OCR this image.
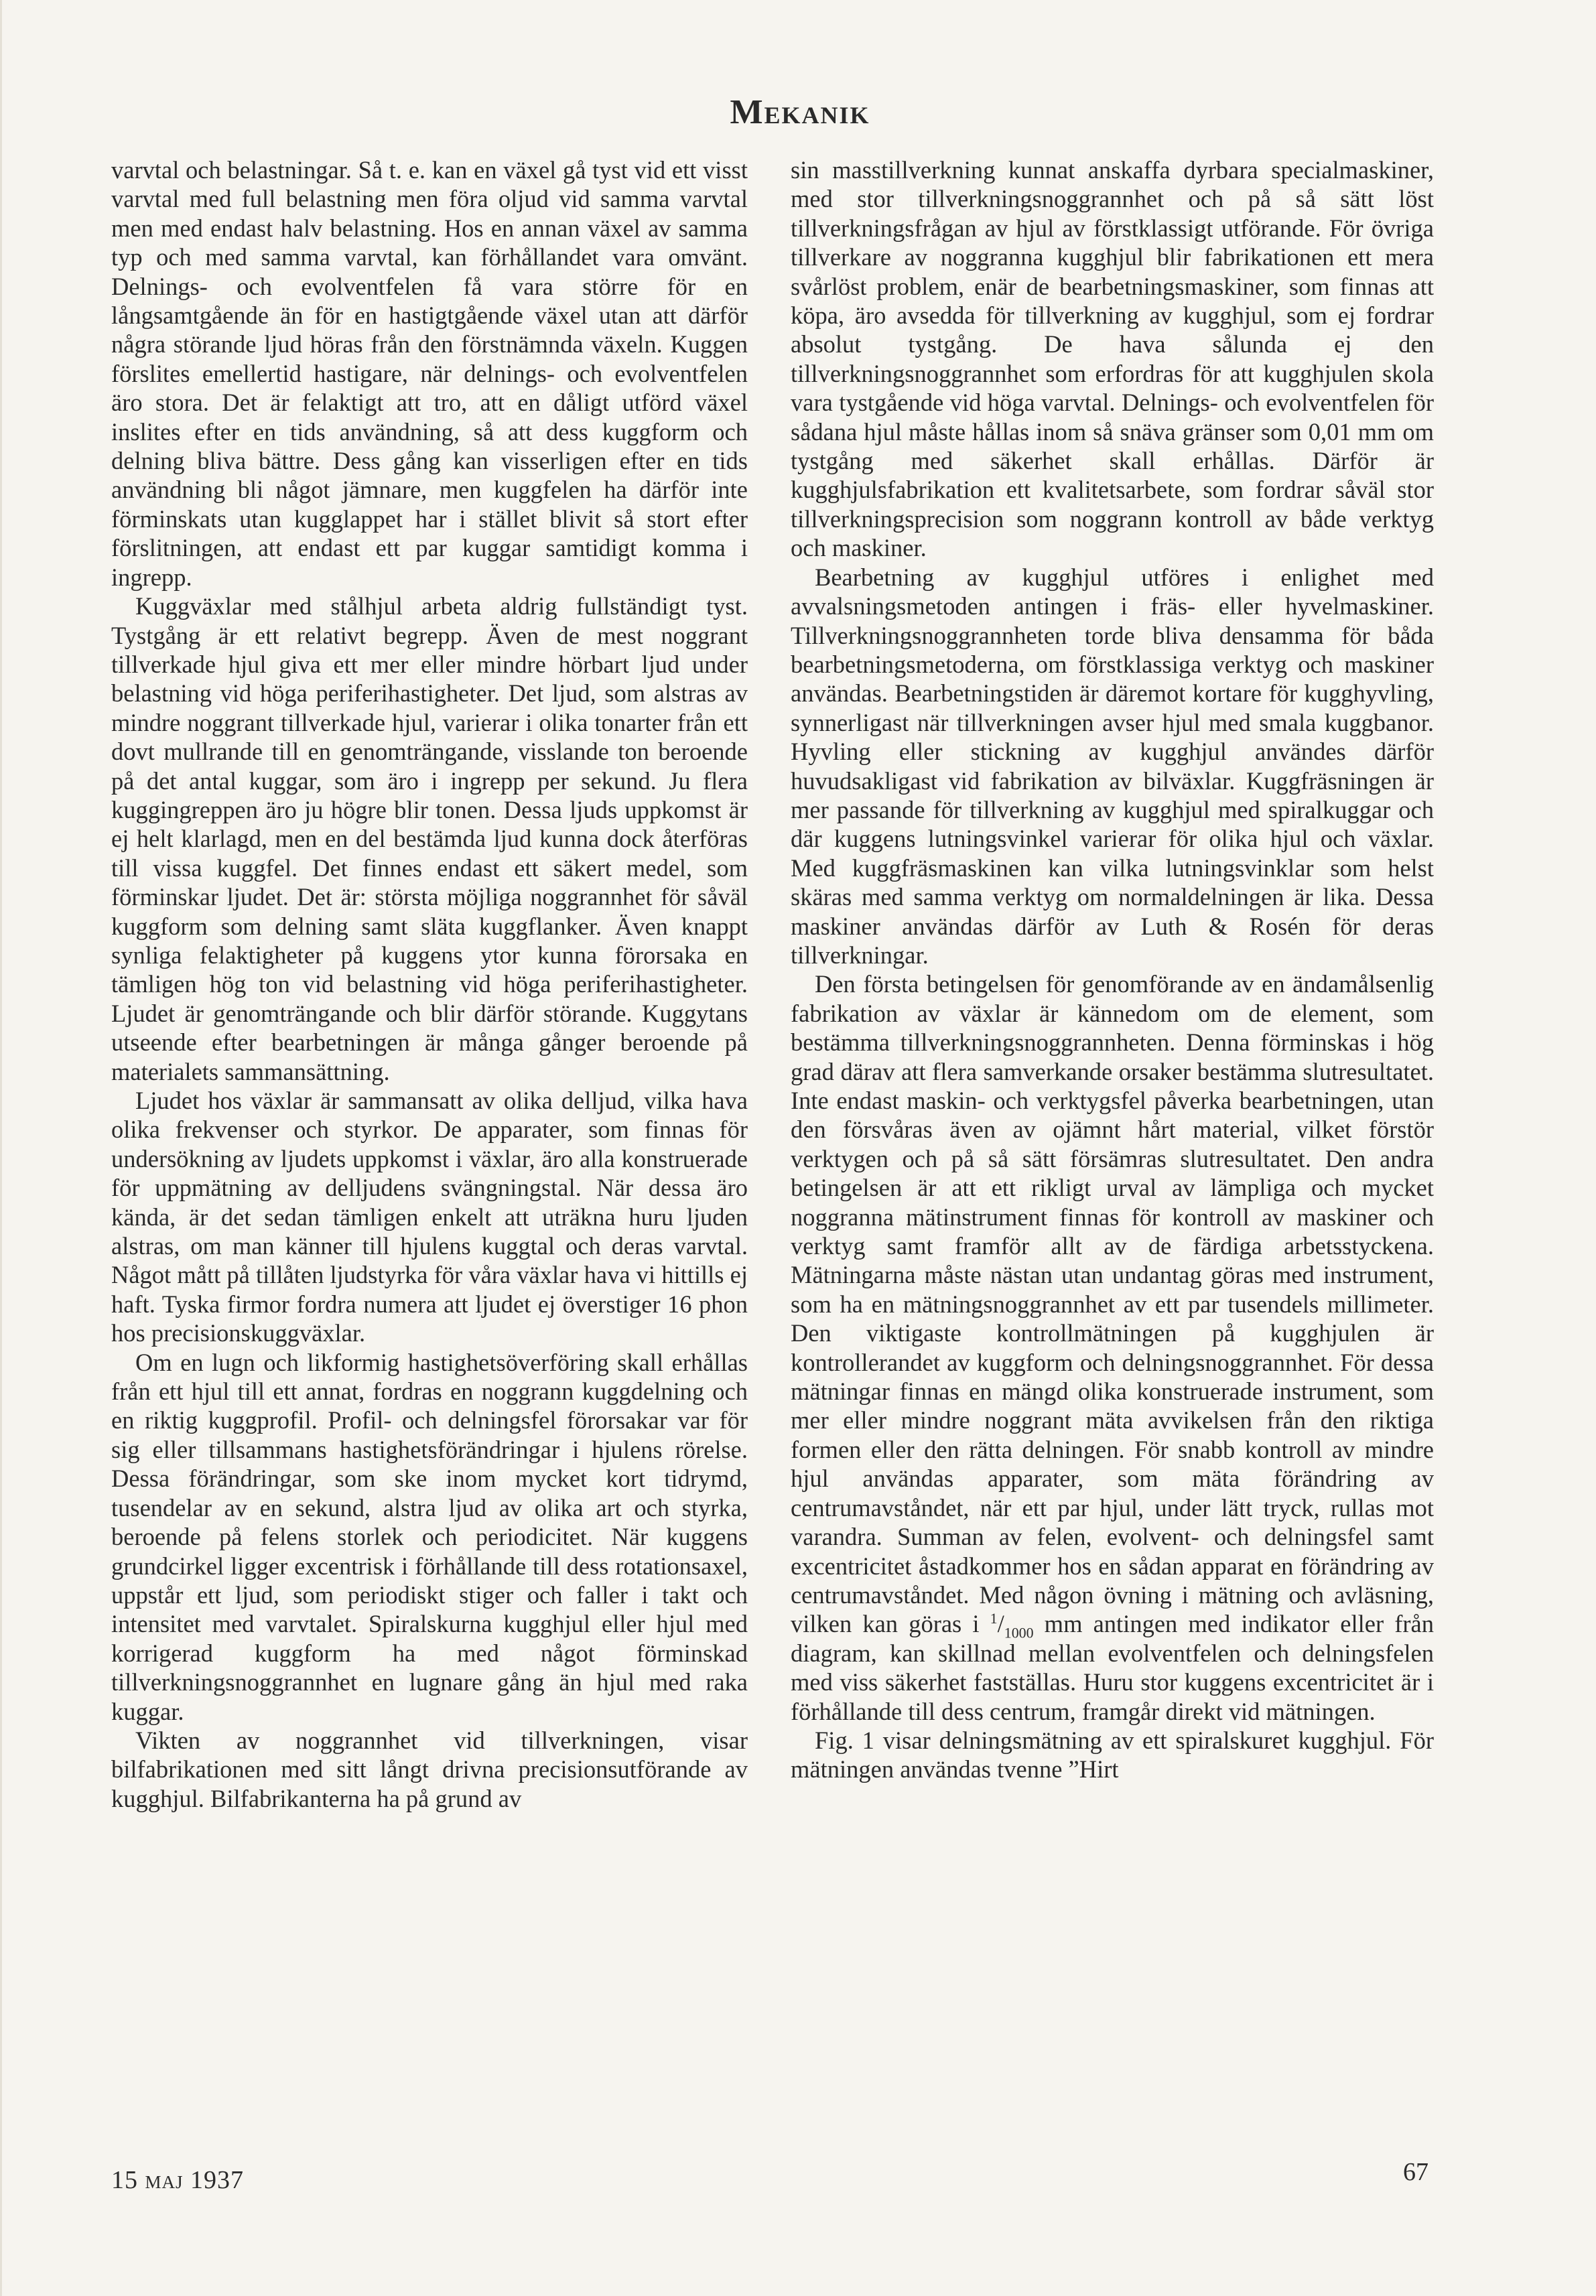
Mekanik

varvtal och belastningar. Så t. e. kan en växel gå tyst vid ett visst varvtal med full belastning men föra oljud vid samma varvtal men med endast halv belastning. Hos en annan växel av samma typ och med samma varvtal, kan förhållandet vara omvänt. Delnings- och evolventfelen få vara större för en långsamtgående än för en hastigtgående växel utan att därför några störande ljud höras från den förstnämnda växeln. Kuggen förslites emellertid hastigare, när delnings- och evolventfelen äro stora. Det är felaktigt att tro, att en dåligt utförd växel inslites efter en tids användning, så att dess kuggform och delning bliva bättre. Dess gång kan visserligen efter en tids användning bli något jämnare, men kuggfelen ha därför inte förminskats utan kugglappet har i stället blivit så stort efter förslitningen, att endast ett par kuggar samtidigt komma i ingrepp.

Kuggväxlar med stålhjul arbeta aldrig fullständigt tyst. Tystgång är ett relativt begrepp. Även de mest noggrant tillverkade hjul giva ett mer eller mindre hörbart ljud under belastning vid höga periferihastigheter. Det ljud, som alstras av mindre noggrant tillverkade hjul, varierar i olika tonarter från ett dovt mullrande till en genomträngande, visslande ton beroende på det antal kuggar, som äro i ingrepp per sekund. Ju flera kuggingreppen äro ju högre blir tonen. Dessa ljuds uppkomst är ej helt klarlagd, men en del bestämda ljud kunna dock återföras till vissa kuggfel. Det finnes endast ett säkert medel, som förminskar ljudet. Det är: största möjliga noggrannhet för såväl kuggform som delning samt släta kuggflanker. Även knappt synliga felaktigheter på kuggens ytor kunna förorsaka en tämligen hög ton vid belastning vid höga periferihastigheter. Ljudet är genomträngande och blir därför störande. Kuggytans utseende efter bearbetningen är många gånger beroende på materialets sammansättning.

Ljudet hos växlar är sammansatt av olika delljud, vilka hava olika frekvenser och styrkor. De apparater, som finnas för undersökning av ljudets uppkomst i växlar, äro alla konstruerade för uppmätning av delljudens svängningstal. När dessa äro kända, är det sedan tämligen enkelt att uträkna huru ljuden alstras, om man känner till hjulens kuggtal och deras varvtal. Något mått på tillåten ljudstyrka för våra växlar hava vi hittills ej haft. Tyska firmor fordra numera att ljudet ej överstiger 16 phon hos precisionskuggväxlar.

Om en lugn och likformig hastighetsöverföring skall erhållas från ett hjul till ett annat, fordras en noggrann kuggdelning och en riktig kuggprofil. Profil- och delningsfel förorsakar var för sig eller tillsammans hastighetsförändringar i hjulens rörelse. Dessa förändringar, som ske inom mycket kort tidrymd, tusendelar av en sekund, alstra ljud av olika art och styrka, beroende på felens storlek och periodicitet. När kuggens grundcirkel ligger excentrisk i förhållande till dess rotationsaxel, uppstår ett ljud, som periodiskt stiger och faller i takt och intensitet med varvtalet. Spiralskurna kugghjul eller hjul med korrigerad kuggform ha med något förminskad tillverkningsnoggrannhet en lugnare gång än hjul med raka kuggar.

Vikten av noggrannhet vid tillverkningen, visar bilfabrikationen med sitt långt drivna precisionsutförande av kugghjul. Bilfabrikanterna ha på grund av

sin masstillverkning kunnat anskaffa dyrbara specialmaskiner, med stor tillverkningsnoggrannhet och på så sätt löst tillverkningsfrågan av hjul av förstklassigt utförande. För övriga tillverkare av noggranna kugghjul blir fabrikationen ett mera svårlöst problem, enär de bearbetningsmaskiner, som finnas att köpa, äro avsedda för tillverkning av kugghjul, som ej fordrar absolut tystgång. De hava sålunda ej den tillverkningsnoggrannhet som erfordras för att kugghjulen skola vara tystgående vid höga varvtal. Delnings- och evolventfelen för sådana hjul måste hållas inom så snäva gränser som 0,01 mm om tystgång med säkerhet skall erhållas. Därför är kugghjulsfabrikation ett kvalitetsarbete, som fordrar såväl stor tillverkningsprecision som noggrann kontroll av både verktyg och maskiner.

Bearbetning av kugghjul utföres i enlighet med avvalsningsmetoden antingen i fräs- eller hyvelmaskiner. Tillverkningsnoggrannheten torde bliva densamma för båda bearbetningsmetoderna, om förstklassiga verktyg och maskiner användas. Bearbetningstiden är däremot kortare för kugghyvling, synnerligast när tillverkningen avser hjul med smala kuggbanor. Hyvling eller stickning av kugghjul användes därför huvudsakligast vid fabrikation av bilväxlar. Kuggfräsningen är mer passande för tillverkning av kugghjul med spiralkuggar och där kuggens lutningsvinkel varierar för olika hjul och växlar. Med kuggfräsmaskinen kan vilka lutningsvinklar som helst skäras med samma verktyg om normaldelningen är lika. Dessa maskiner användas därför av Luth & Rosén för deras tillverkningar.

Den första betingelsen för genomförande av en ändamålsenlig fabrikation av växlar är kännedom om de element, som bestämma tillverkningsnoggrannheten. Denna förminskas i hög grad därav att flera samverkande orsaker bestämma slutresultatet. Inte endast maskin- och verktygsfel påverka bearbetningen, utan den försvåras även av ojämnt hårt material, vilket förstör verktygen och på så sätt försämras slutresultatet. Den andra betingelsen är att ett rikligt urval av lämpliga och mycket noggranna mätinstrument finnas för kontroll av maskiner och verktyg samt framför allt av de färdiga arbetsstyckena. Mätningarna måste nästan utan undantag göras med instrument, som ha en mätningsnoggrannhet av ett par tusendels millimeter. Den viktigaste kontrollmätningen på kugghjulen är kontrollerandet av kuggform och delningsnoggrannhet. För dessa mätningar finnas en mängd olika konstruerade instrument, som mer eller mindre noggrant mäta avvikelsen från den riktiga formen eller den rätta delningen. För snabb kontroll av mindre hjul användas apparater, som mäta förändring av centrumavståndet, när ett par hjul, under lätt tryck, rullas mot varandra. Summan av felen, evolvent- och delningsfel samt excentricitet åstadkommer hos en sådan apparat en förändring av centrumavståndet. Med någon övning i mätning och avläsning, vilken kan göras i $^1/_{1000}$ mm antingen med indikator eller från diagram, kan skillnad mellan evolventfelen och delningsfelen med viss säkerhet fastställas. Huru stor kuggens excentricitet är i förhållande till dess centrum, framgår direkt vid mätningen.

Fig. 1 visar delningsmätning av ett spiralskuret kugghjul. För mätningen användas tvenne ”Hirt

15 maj 1937	67
